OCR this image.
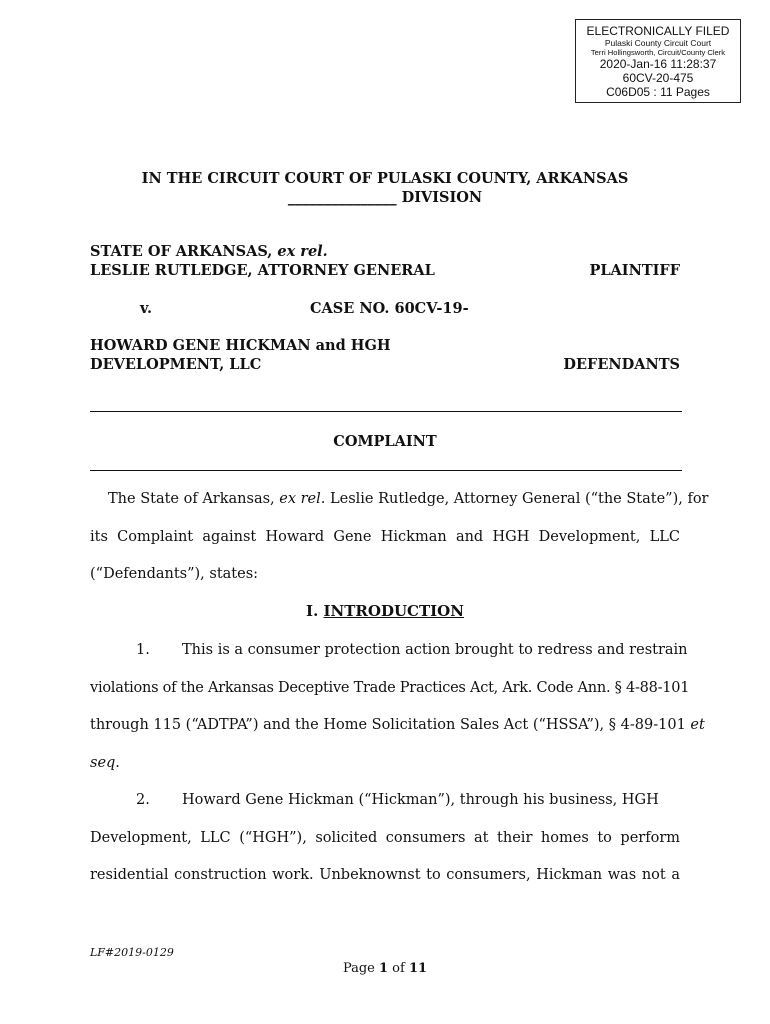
ELECTRONICALLY FILED
Pulaski County Circuit Court
Terri Hollingsworth, Circuit/County Clerk
2020-Jan-16 11:28:37
60CV-20-475
C06D05 : 11 Pages
IN THE CIRCUIT COURT OF PULASKI COUNTY, ARKANSAS
_______________ DIVISION
STATE OF ARKANSAS, ex rel.
LESLIE RUTLEDGE, ATTORNEY GENERAL	PLAINTIFF
v.	CASE NO. 60CV-19-
HOWARD GENE HICKMAN and HGH
DEVELOPMENT, LLC	DEFENDANTS
COMPLAINT
The State of Arkansas, ex rel. Leslie Rutledge, Attorney General (“the State”), for
its Complaint against Howard Gene Hickman and HGH Development, LLC
(“Defendants”), states:
I. INTRODUCTION
1. This is a consumer protection action brought to redress and restrain
violations of the Arkansas Deceptive Trade Practices Act, Ark. Code Ann. § 4-88-101
through 115 (“ADTPA”) and the Home Solicitation Sales Act (“HSSA”), § 4-89-101 et
seq.
2. Howard Gene Hickman (“Hickman”), through his business, HGH
Development, LLC (“HGH”), solicited consumers at their homes to perform
residential construction work. Unbeknownst to consumers, Hickman was not a
LF#2019-0129
Page 1 of 11
